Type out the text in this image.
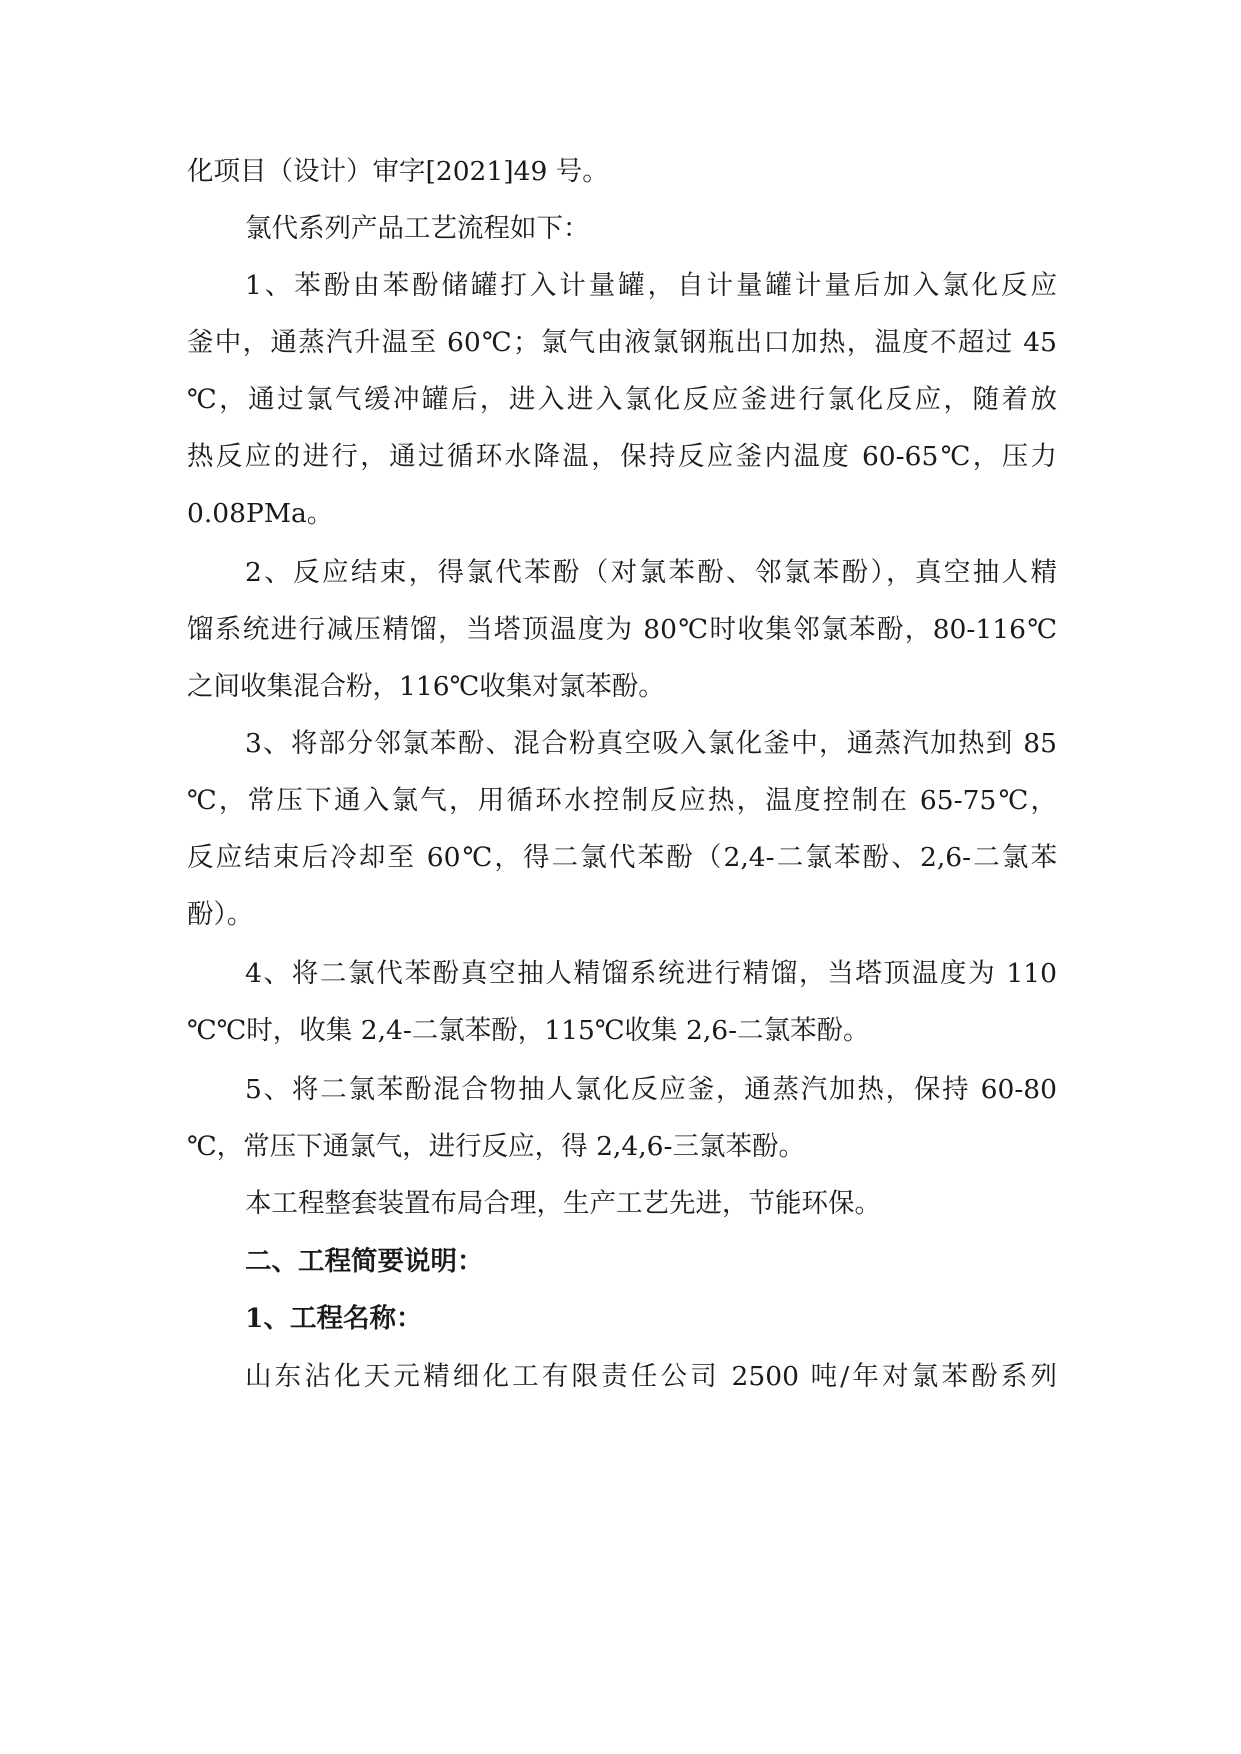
化项目（设计）审字[2021]49 号。
氯代系列产品工艺流程如下：
1、苯酚由苯酚储罐打入计量罐，自计量罐计量后加入氯化反应
釜中，通蒸汽升温至 60℃；氯气由液氯钢瓶出口加热，温度不超过 45
℃，通过氯气缓冲罐后，进入进入氯化反应釜进行氯化反应，随着放
热反应的进行，通过循环水降温，保持反应釜内温度 60-65℃，压力
0.08PMa。
2、反应结束，得氯代苯酚（对氯苯酚、邻氯苯酚），真空抽人精
馏系统进行减压精馏，当塔顶温度为 80℃时收集邻氯苯酚，80-116℃
之间收集混合粉，116℃收集对氯苯酚。
3、将部分邻氯苯酚、混合粉真空吸入氯化釜中，通蒸汽加热到 85
℃，常压下通入氯气，用循环水控制反应热，温度控制在 65-75℃，
反应结束后冷却至 60℃，得二氯代苯酚（2,4-二氯苯酚、2,6-二氯苯
酚）。
4、将二氯代苯酚真空抽人精馏系统进行精馏，当塔顶温度为 110
℃℃时，收集 2,4-二氯苯酚，115℃收集 2,6-二氯苯酚。
5、将二氯苯酚混合物抽人氯化反应釜，通蒸汽加热，保持 60-80
℃，常压下通氯气，进行反应，得 2,4,6-三氯苯酚。
本工程整套装置布局合理，生产工艺先进，节能环保。
二、工程简要说明：
1、工程名称：
山东沾化天元精细化工有限责任公司 2500 吨/年对氯苯酚系列
